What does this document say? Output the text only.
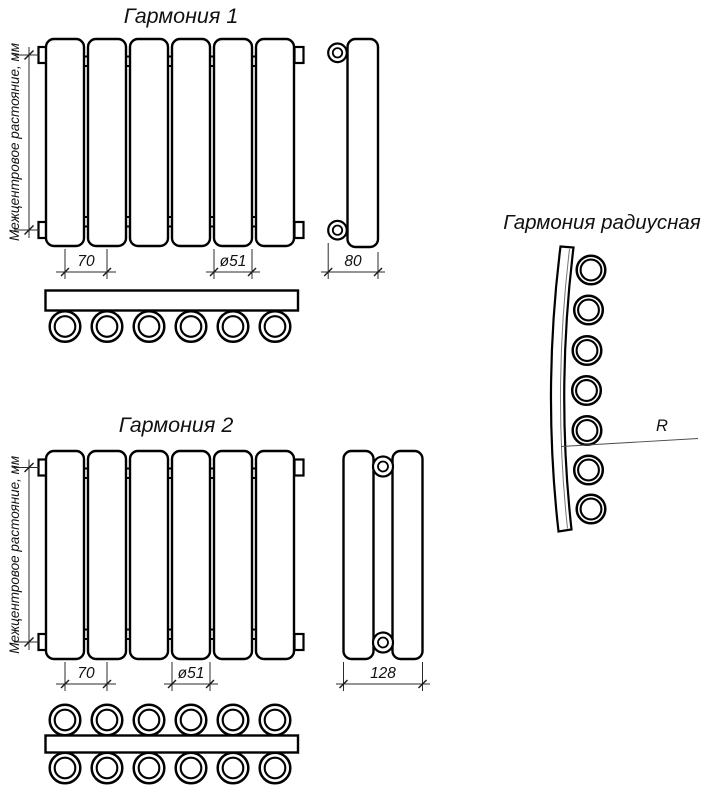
Гармония 1
Межцентровое растояние, мм
70	ø51	80
Гармония 2
Межцентровое растояние, мм
70	ø51	128
Гармония радиусная
R
